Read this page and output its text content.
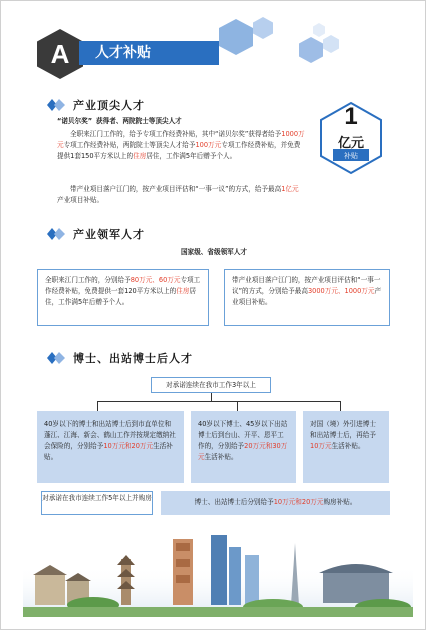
A	人才补贴
产业顶尖人才
“诺贝尔奖” 获得者、两院院士等顶尖人才
全职来江门工作的，给予专项工作经费补贴，其中“诺贝尔奖”获得者给予1000万元专项工作经费补贴，两院院士等顶尖人才给予100万元专项工作经费补贴，并免费提供1套150平方米以上的住房居住，工作满5年后赠予个人。
带产业项目落户江门的，按产业项目评估和“一事一议”的方式，给予最高1亿元产业项目补贴。
1
亿元
补贴
产业领军人才
国家级、省级领军人才
全职来江门工作的，分别给予80万元、60万元专项工作经费补贴，免费提供一套120平方米以上的住房居住，工作满5年后赠予个人。
带产业项目落户江门的，按产业项目评估和“一事一议”的方式，分别给予最高3000万元、1000万元产业项目补贴。
博士、出站博士后人才
对承诺连续在我市工作3年以上
40岁以下的博士和出站博士后到市直单位和蓬江、江海、新会、鹤山工作并按规定缴纳社会保险的，分别给予10万元和20万元生活补贴。
40岁以下博士、45岁以下出站博士后到台山、开平、恩平工作的，分别给予20万元和30万元生活补贴。
对国（境）外引进博士和出站博士后，再给予10万元生活补贴。
对承诺在我市连续工作5年以上并购房	博士、出站博士后分别给予10万元和20万元购房补贴。
